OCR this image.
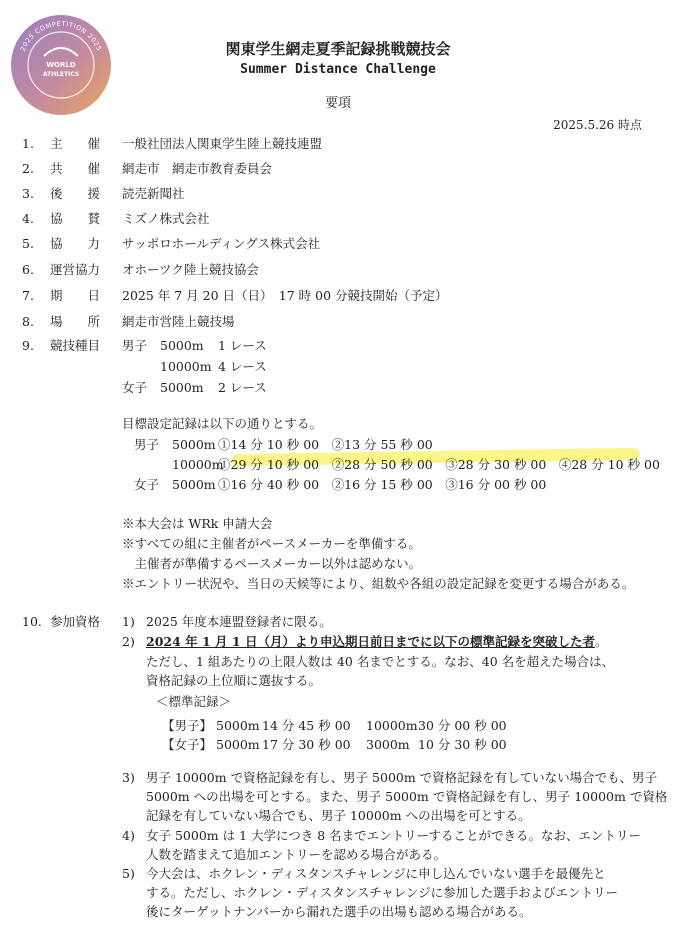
WORLD
ATHLETICS
2025 COMPETITION 2025	関東学生網走夏季記録挑戦競技会
Summer Distance Challenge
要項
2025.5.26 時点
1. 主　　催 一般社団法人関東学生陸上競技連盟
2. 共　　催 網走市　網走市教育委員会
3. 後　　援 読売新聞社
4. 協　　賛 ミズノ株式会社
5. 協　　力 サッポロホールディングス株式会社
6. 運営協力 オホーツク陸上競技協会
7. 期　　日 2025 年 7 月 20 日（日）　17 時 00 分競技開始（予定）
8. 場　　所 網走市営陸上競技場
9. 競技種目 男子 5000m 1 レース
10000m 4 レース
女子 5000m 2 レース
目標設定記録は以下の通りとする。
男子 5000m ①14 分 10 秒 00　②13 分 55 秒 00
10000m
①29 分 10 秒 00　②28 分 50 秒 00　③28 分 30 秒 00　④28 分 10 秒 00
女子 5000m ①16 分 40 秒 00　②16 分 15 秒 00　③16 分 00 秒 00
※本大会は WRk 申請大会
※すべての組に主催者がペースメーカーを準備する。
　主催者が準備するペースメーカー以外は認めない。
※エントリー状況や、当日の天候等により、組数や各組の設定記録を変更する場合がある。
10. 参加資格 1) 2025 年度本連盟登録者に限る。
2) 2024 年 1 月 1 日（月）より申込期日前日までに以下の標準記録を突破した者。
ただし、1 組あたりの上限人数は 40 名までとする。なお、40 名を超えた場合は、
資格記録の上位順に選抜する。
＜標準記録＞
【男子】 5000m 14 分 45 秒 00 10000m 30 分 00 秒 00
【女子】 5000m 17 分 30 秒 00 3000m 10 分 30 秒 00
3) 男子 10000m で資格記録を有し、男子 5000m で資格記録を有していない場合でも、男子
5000m への出場を可とする。また、男子 5000m で資格記録を有し、男子 10000m で資格
記録を有していない場合でも、男子 10000m への出場を可とする。
4) 女子 5000m は 1 大学につき 8 名までエントリーすることができる。なお、エントリー
人数を踏まえて追加エントリーを認める場合がある。
5) 今大会は、ホクレン・ディスタンスチャレンジに申し込んでいない選手を最優先と
する。ただし、ホクレン・ディスタンスチャレンジに参加した選手およびエントリー
後にターゲットナンバーから漏れた選手の出場も認める場合がある。
